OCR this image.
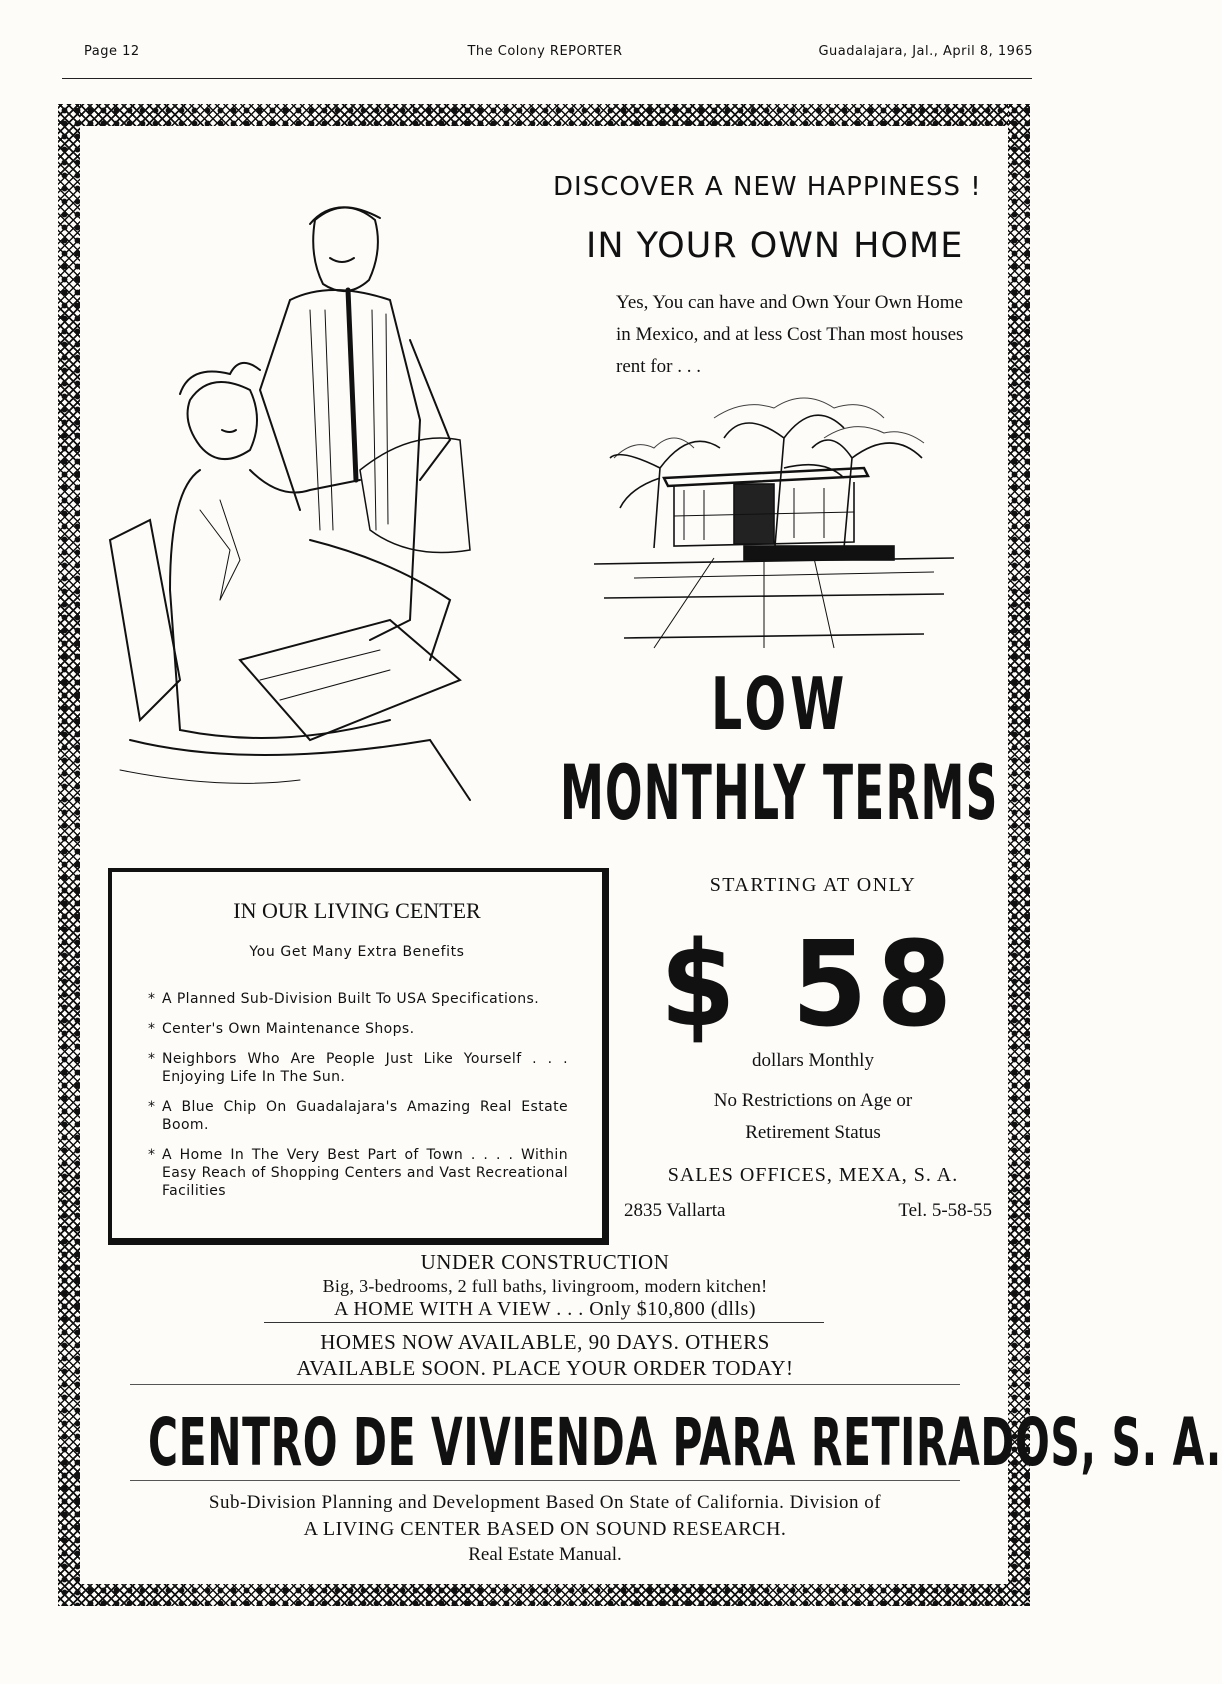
Page 12	The Colony REPORTER	Guadalajara, Jal., April 8, 1965
DISCOVER A NEW HAPPINESS !
IN YOUR OWN HOME
Yes, You can have and Own Your Own Home in Mexico, and at less Cost Than most houses rent for . . .
LOW
MONTHLY TERMS
STARTING AT ONLY
$ 58
dollars Monthly
No Restrictions on Age or
Retirement Status
SALES OFFICES, MEXA, S. A.
2835 Vallarta	Tel. 5-58-55
IN OUR LIVING CENTER
You Get Many Extra Benefits
* A Planned Sub-Division Built To USA Specifications.
* Center's Own Maintenance Shops.
* Neighbors Who Are People Just Like Yourself . . . Enjoying Life In The Sun.
* A Blue Chip On Guadalajara's Amazing Real Estate Boom.
* A Home In The Very Best Part of Town . . . . Within Easy Reach of Shopping Centers and Vast Recreational Facilities
UNDER CONSTRUCTION
Big, 3-bedrooms, 2 full baths, livingroom, modern kitchen!
A HOME WITH A VIEW . . . Only $10,800 (dlls)
HOMES NOW AVAILABLE, 90 DAYS. OTHERS
AVAILABLE SOON. PLACE YOUR ORDER TODAY!
CENTRO DE VIVIENDA PARA RETIRADOS, S. A.
Sub-Division Planning and Development Based On State of California. Division of
A LIVING CENTER BASED ON SOUND RESEARCH.
Real Estate Manual.
